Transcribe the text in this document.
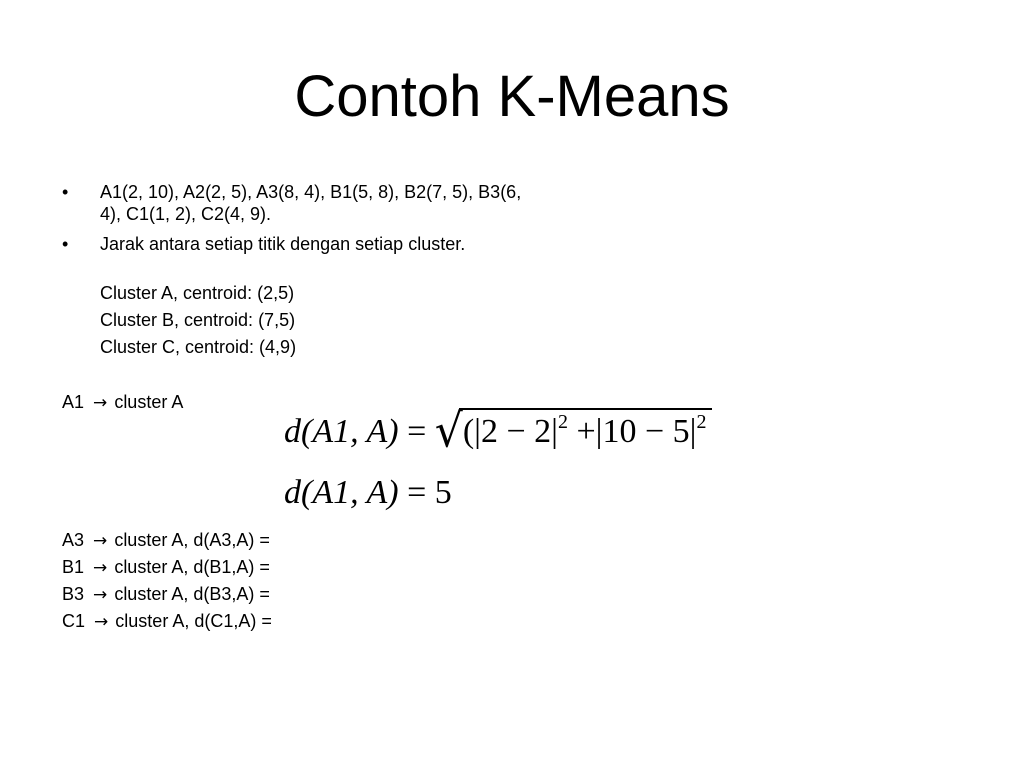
Contoh K-Means
• A1(2, 10), A2(2, 5), A3(8, 4), B1(5, 8), B2(7, 5), B3(6, 4), C1(1, 2), C2(4, 9).
• Jarak antara setiap titik dengan setiap cluster.
Cluster A, centroid: (2,5)
Cluster B, centroid: (7,5)
Cluster C, centroid: (4,9)
A1 → cluster A
d(A1, $A) = √(|2 - 2|^2 +|10 - 5|^2$
d(A1, A) = 5
A3 → cluster A, d(A3,A) =
B1 → cluster A, d(B1,A) =
B3 → cluster A, d(B3,A) =
C1 → cluster A, d(C1,A) =
